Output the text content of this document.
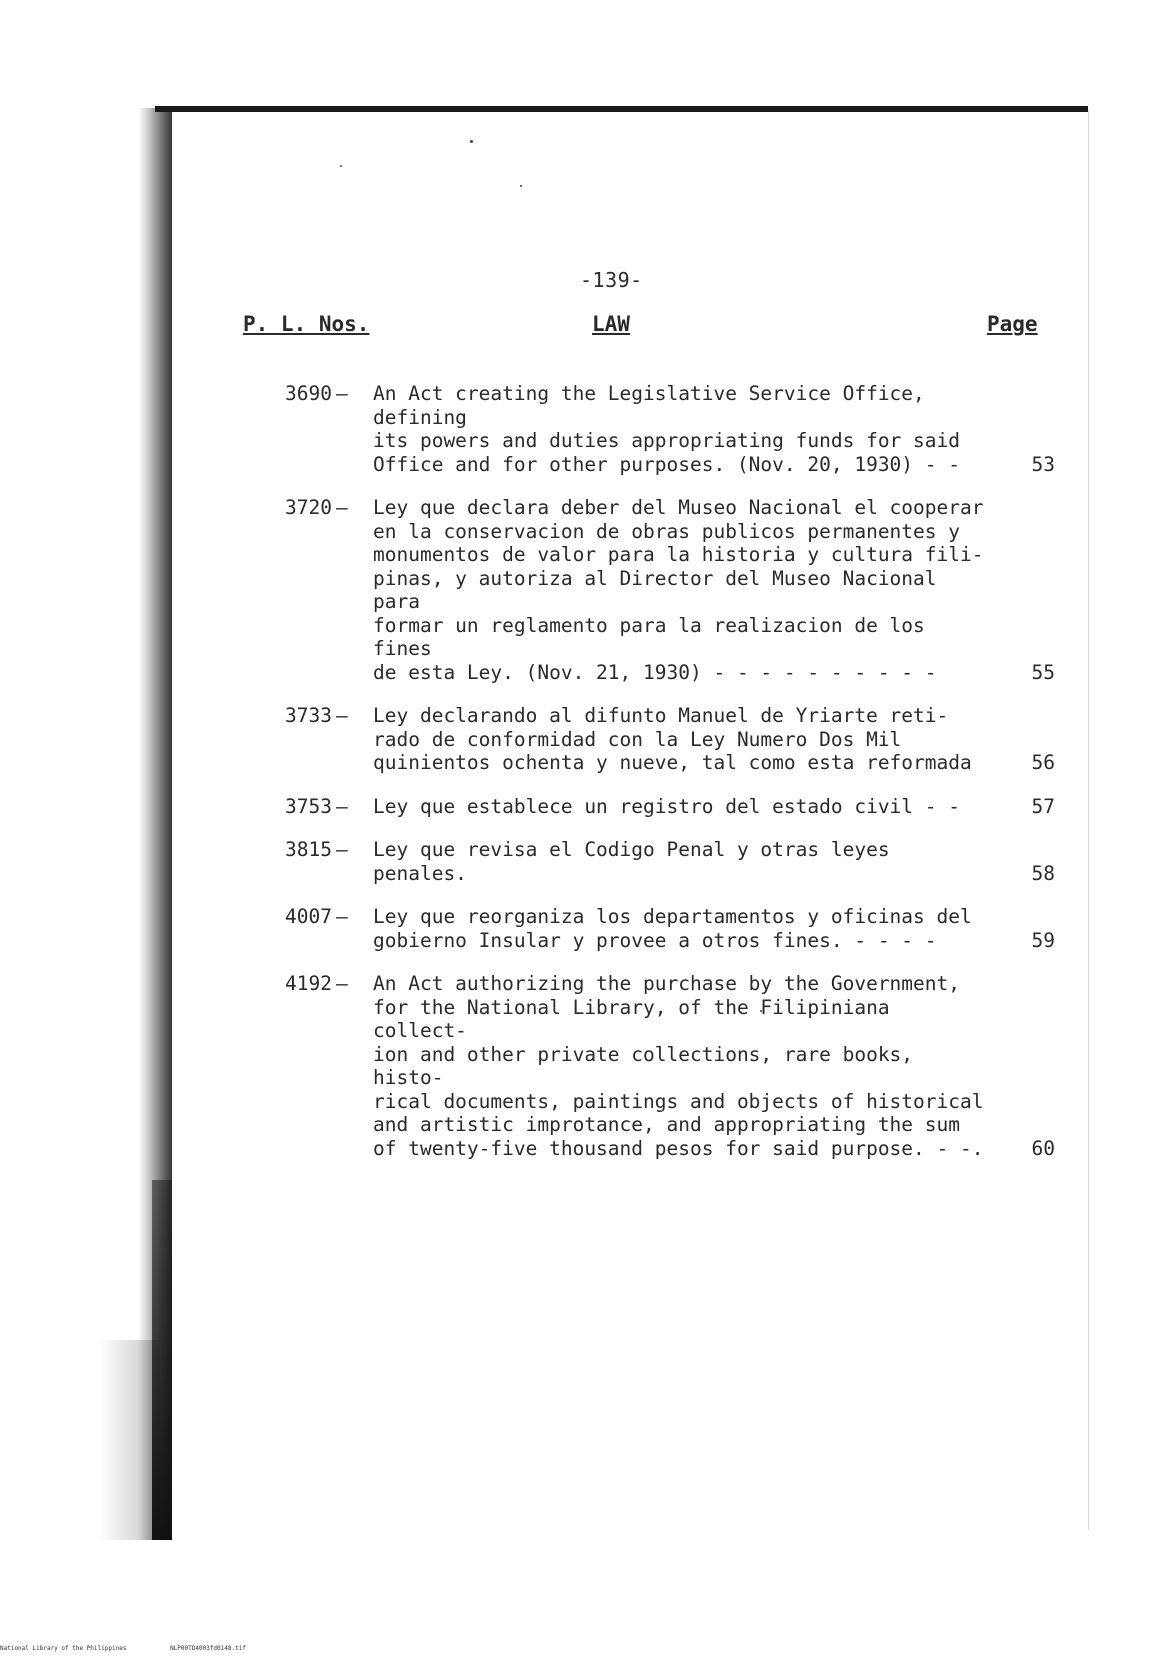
-139-
P. L. Nos.	LAW	Page
3690 –	An Act creating the Legislative Service Office, defining
its powers and duties appropriating funds for said
Office and for other purposes. (Nov. 20, 1930) - -	53
3720 –	Ley que declara deber del Museo Nacional el cooperar
en la conservacion de obras publicos permanentes y
monumentos de valor para la historia y cultura fili-
pinas, y autoriza al Director del Museo Nacional para
formar un reglamento para la realizacion de los fines
de esta Ley. (Nov. 21, 1930) - - - - - - - - - -	55
3733 –	Ley declarando al difunto Manuel de Yriarte reti-
rado de conformidad con la Ley Numero Dos Mil
quinientos ochenta y nueve, tal como esta reformada	56
3753 –	Ley que establece un registro del estado civil - -	57
3815 –	Ley que revisa el Codigo Penal y otras leyes penales.	58
4007 –	Ley que reorganiza los departamentos y oficinas del
gobierno Insular y provee a otros fines. - - - -	59
4192 –	An Act authorizing the purchase by the Government,
for the National Library, of the Filipiniana collect-
ion and other private collections, rare books, histo-
rical documents, paintings and objects of historical
and artistic improtance, and appropriating the sum
of twenty-five thousand pesos for said purpose. - -.	60
National Library of the Philippines	NLP00TD4003fd0148.tif
